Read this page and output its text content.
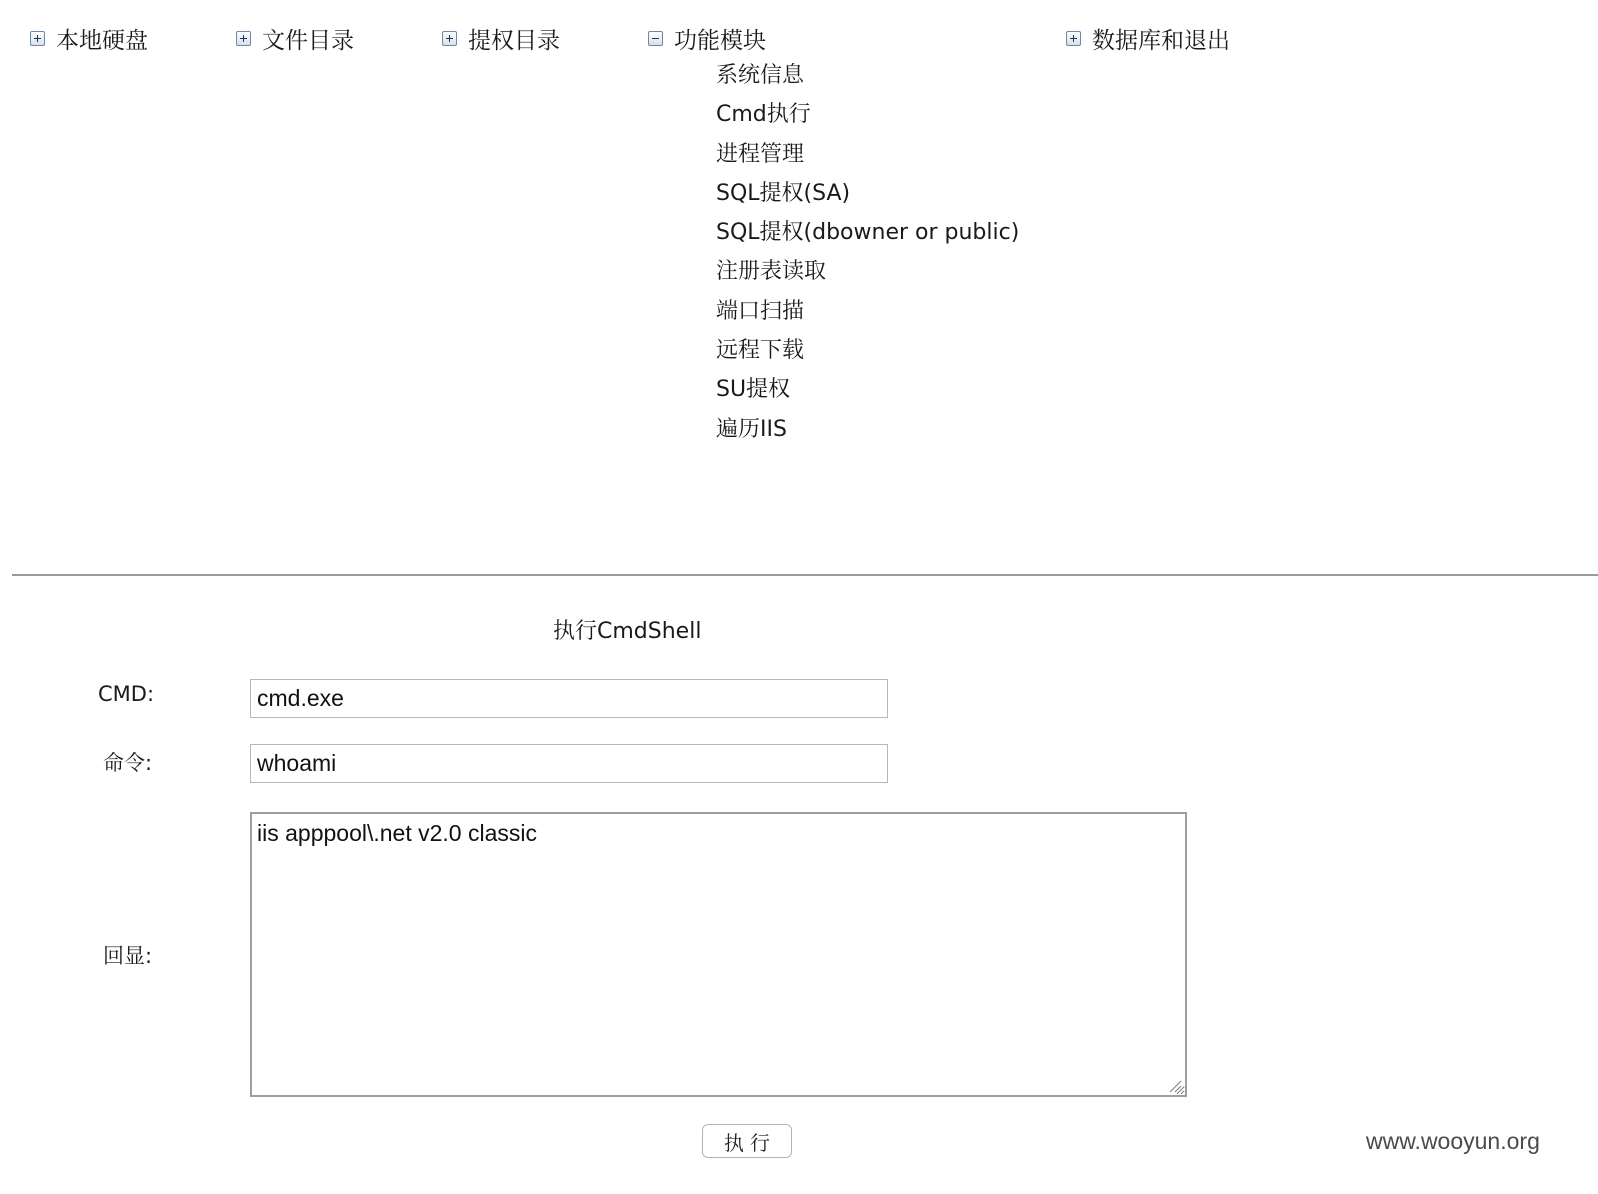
本地硬盘	文件目录	提权目录	功能模块	数据库和退出
系统信息
Cmd执行
进程管理
SQL提权(SA)
SQL提权(dbowner or public)
注册表读取
端口扫描
远程下载
SU提权
遍历IIS
执行CmdShell
CMD:
cmd.exe
命令:
whoami
回显:
iis apppool\.net v2.0 classic
执行	www.wooyun.org
